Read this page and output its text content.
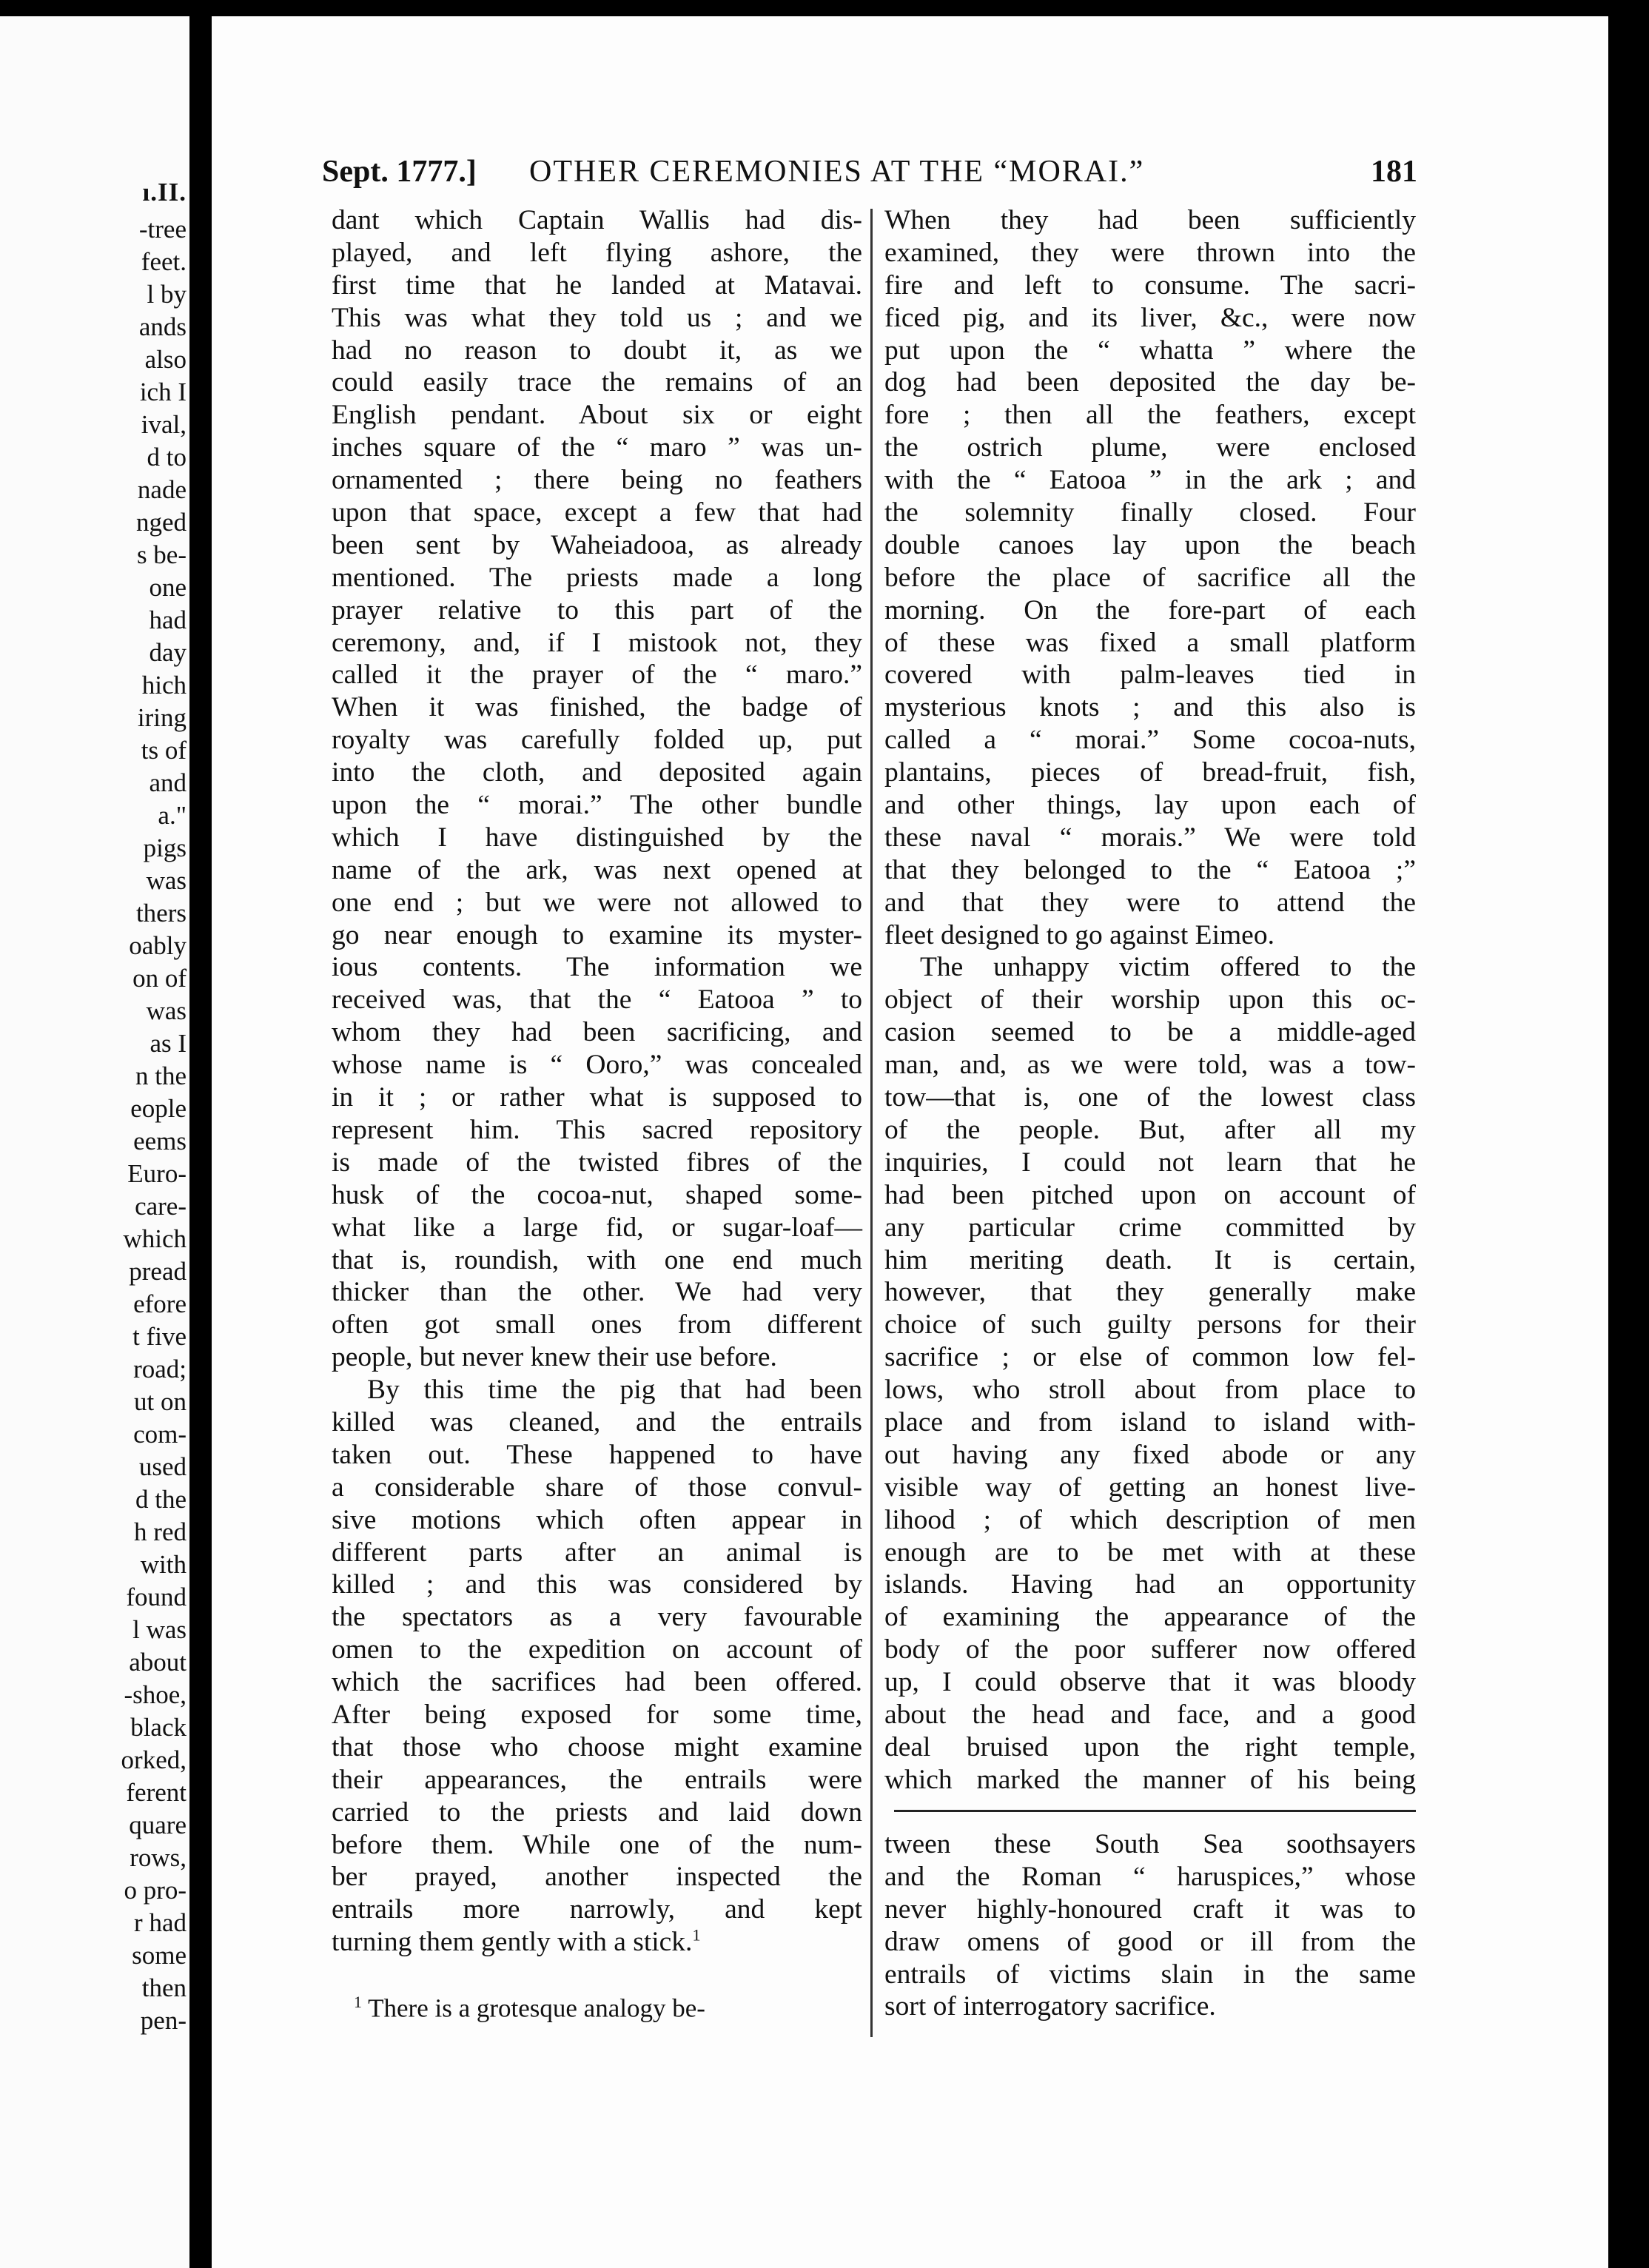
ı.II.
-tree
feet.
l by
ands
also
ich I
ival,
d to
nade
nged
s be-
one
had
day
hich
iring
ts of
and
a."
pigs
was
thers
oably
on of
was
as I
n the
eople
eems
Euro-
care-
which
pread
efore
t five
road;
ut on
com-
used
d the
h red
with
found
l was
about
-shoe,
black
orked,
ferent
quare
rows,
o pro-
r had
some
then
pen-
Sept. 1777.] OTHER CEREMONIES AT THE “MORAI.”	181
dant which Captain Wallis had dis-
played, and left flying ashore, the
first time that he landed at Matavai.
This was what they told us ; and we
had no reason to doubt it, as we
could easily trace the remains of an
English pendant. About six or eight
inches square of the “ maro ” was un-
ornamented ; there being no feathers
upon that space, except a few that had
been sent by Waheiadooa, as already
mentioned. The priests made a long
prayer relative to this part of the
ceremony, and, if I mistook not, they
called it the prayer of the “ maro.”
When it was finished, the badge of
royalty was carefully folded up, put
into the cloth, and deposited again
upon the “ morai.” The other bundle
which I have distinguished by the
name of the ark, was next opened at
one end ; but we were not allowed to
go near enough to examine its myster-
ious contents. The information we
received was, that the “ Eatooa ” to
whom they had been sacrificing, and
whose name is “ Ooro,” was concealed
in it ; or rather what is supposed to
represent him. This sacred repository
is made of the twisted fibres of the
husk of the cocoa-nut, shaped some-
what like a large fid, or sugar-loaf—
that is, roundish, with one end much
thicker than the other. We had very
often got small ones from different
people, but never knew their use before.
By this time the pig that had been
killed was cleaned, and the entrails
taken out. These happened to have
a considerable share of those convul-
sive motions which often appear in
different parts after an animal is
killed ; and this was considered by
the spectators as a very favourable
omen to the expedition on account of
which the sacrifices had been offered.
After being exposed for some time,
that those who choose might examine
their appearances, the entrails were
carried to the priests and laid down
before them. While one of the num-
ber prayed, another inspected the
entrails more narrowly, and kept
turning them gently with a stick.$^1$
When they had been sufficiently
examined, they were thrown into the
fire and left to consume. The sacri-
ficed pig, and its liver, &c., were now
put upon the “ whatta ” where the
dog had been deposited the day be-
fore ; then all the feathers, except
the ostrich plume, were enclosed
with the “ Eatooa ” in the ark ; and
the solemnity finally closed. Four
double canoes lay upon the beach
before the place of sacrifice all the
morning. On the fore-part of each
of these was fixed a small platform
covered with palm-leaves tied in
mysterious knots ; and this also is
called a “ morai.” Some cocoa-nuts,
plantains, pieces of bread-fruit, fish,
and other things, lay upon each of
these naval “ morais.” We were told
that they belonged to the “ Eatooa ;”
and that they were to attend the
fleet designed to go against Eimeo.
The unhappy victim offered to the
object of their worship upon this oc-
casion seemed to be a middle-aged
man, and, as we were told, was a tow-
tow—that is, one of the lowest class
of the people. But, after all my
inquiries, I could not learn that he
had been pitched upon on account of
any particular crime committed by
him meriting death. It is certain,
however, that they generally make
choice of such guilty persons for their
sacrifice ; or else of common low fel-
lows, who stroll about from place to
place and from island to island with-
out having any fixed abode or any
visible way of getting an honest live-
lihood ; of which description of men
enough are to be met with at these
islands. Having had an opportunity
of examining the appearance of the
body of the poor sufferer now offered
up, I could observe that it was bloody
about the head and face, and a good
deal bruised upon the right temple,
which marked the manner of his being
$^1$ There is a grotesque analogy be-
tween these South Sea soothsayers
and the Roman “ haruspices,” whose
never highly-honoured craft it was to
draw omens of good or ill from the
entrails of victims slain in the same
sort of interrogatory sacrifice.
